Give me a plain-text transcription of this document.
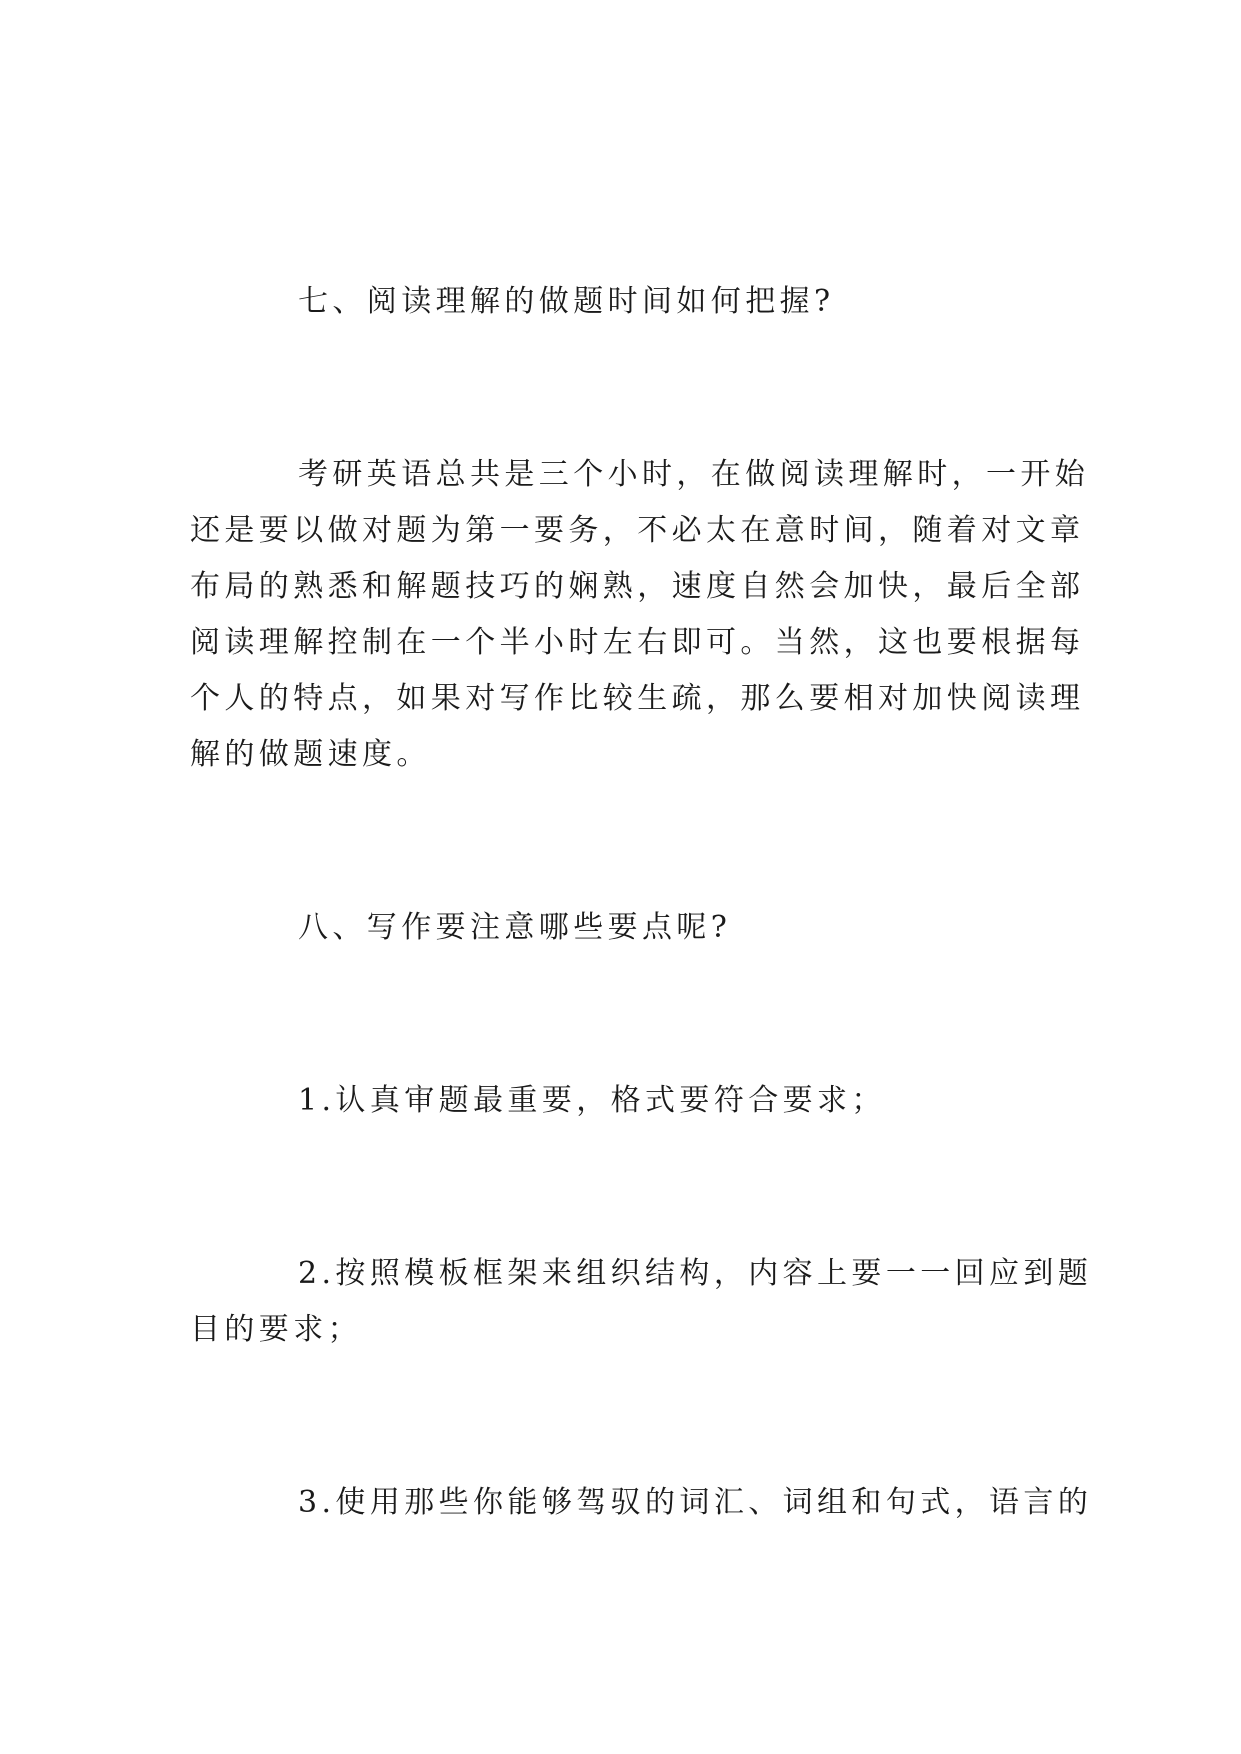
七、阅读理解的做题时间如何把握?
考研英语总共是三个小时，在做阅读理解时，一开始
还是要以做对题为第一要务，不必太在意时间，随着对文章
布局的熟悉和解题技巧的娴熟，速度自然会加快，最后全部
阅读理解控制在一个半小时左右即可。当然，这也要根据每
个人的特点，如果对写作比较生疏，那么要相对加快阅读理
解的做题速度。
八、写作要注意哪些要点呢?
1.认真审题最重要，格式要符合要求；
2.按照模板框架来组织结构，内容上要一一回应到题
目的要求；
3.使用那些你能够驾驭的词汇、词组和句式，语言的
